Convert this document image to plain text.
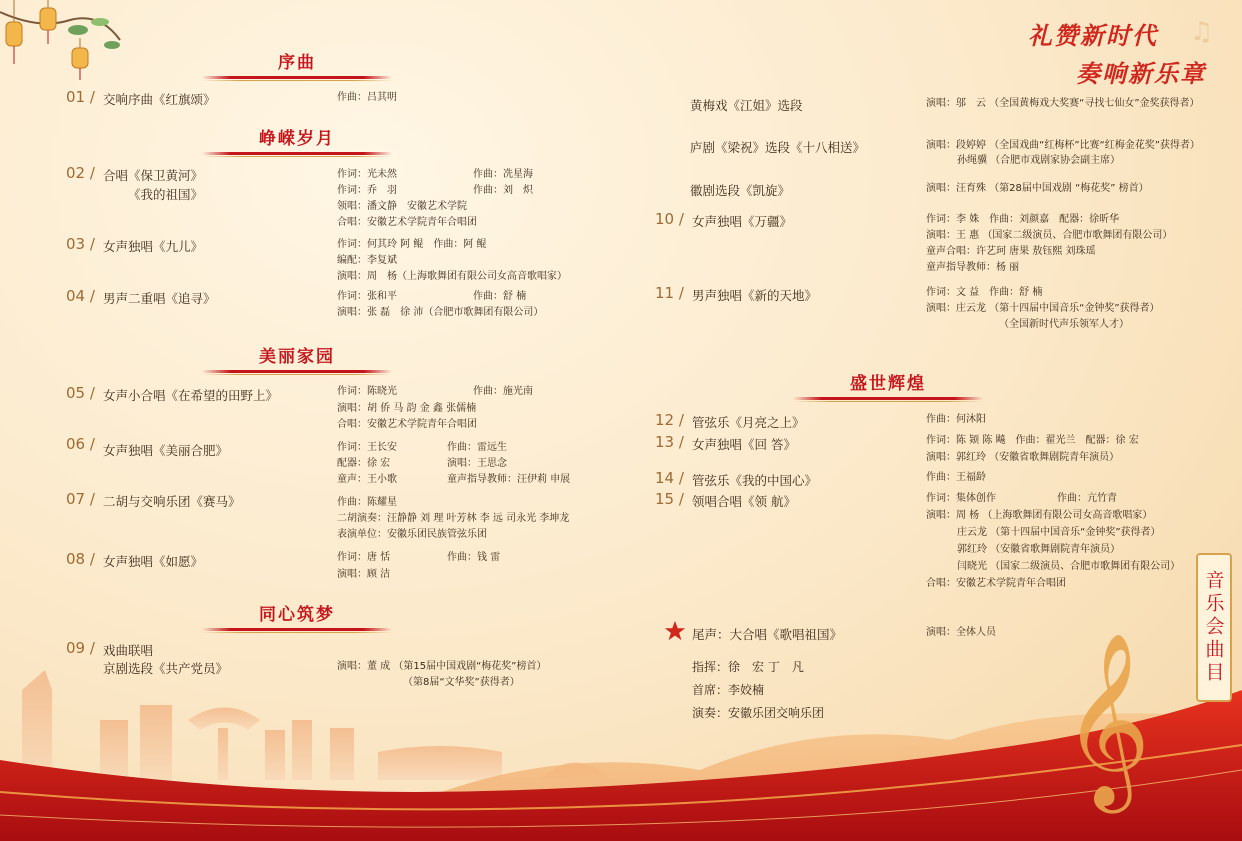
𝄞
♫
礼赞新时代
奏响新乐章
音乐会曲目
序曲
01 / 交响序曲《红旗颂》	作曲：吕其明
峥嵘岁月
02 / 合唱《保卫黄河》
《我的祖国》
作词：光未然	作曲：冼星海
作词：乔　羽	作曲：刘　炽
领唱：潘文静　安徽艺术学院
合唱：安徽艺术学院青年合唱团
03 / 女声独唱《九儿》	作词：何其玲 阿 鲲　作曲：阿 鲲
编配：李复斌
演唱：周　杨（上海歌舞团有限公司女高音歌唱家）
04 / 男声二重唱《追寻》	作词：张和平	作曲：舒 楠
演唱：张 磊　徐 沛（合肥市歌舞团有限公司）
美丽家园
05 / 女声小合唱《在希望的田野上》	作词：陈晓光	作曲：施光南
演唱：胡 侨 马 韵 金 鑫 张儒楠
合唱：安徽艺术学院青年合唱团
06 / 女声独唱《美丽合肥》	作词：王长安	作曲：雷远生
配器：徐 宏	演唱：王思念
童声：王小歌	童声指导教师：汪伊莉 申展
07 / 二胡与交响乐团《赛马》	作曲：陈耀星
二胡演奏：汪静静 刘 理 叶芳林 李 远 司永光 李坤龙
表演单位：安徽乐团民族管弦乐团
08 / 女声独唱《如愿》	作词：唐 恬	作曲：钱 雷
演唱：顾 洁
同心筑梦
09 / 戏曲联唱
京剧选段《共产党员》	演唱：董 成 （第15届中国戏剧“梅花奖”榜首）
（第8届“文华奖”获得者）
黄梅戏《江姐》选段	演唱：邬　云 （全国黄梅戏大奖赛“寻找七仙女”金奖获得者）
庐剧《梁祝》选段《十八相送》	演唱：段婷婷 （全国戏曲“红梅杯”比赛“红梅金花奖”获得者）
孙绳骥 （合肥市戏剧家协会副主席）
徽剧选段《凯旋》	演唱：汪育殊 （第28届中国戏剧 “梅花奖” 榜首）
10 / 女声独唱《万疆》	作词：李 姝　作曲：刘颜嘉　配器：徐昕华
演唱：王 惠 （国家二级演员、合肥市歌舞团有限公司）
童声合唱：许艺珂 唐果 敖钰熙 刘珠瑶
童声指导教师：杨 丽
11 / 男声独唱《新的天地》	作词：文 益　作曲：舒 楠
演唱：庄云龙 （第十四届中国音乐“金钟奖”获得者）
（全国新时代声乐领军人才）
盛世辉煌
12 / 管弦乐《月亮之上》	作曲：何沐阳
13 / 女声独唱《回 答》	作词：陈 颎 陈 飚　作曲：翟光兰　配器：徐 宏
演唱：郭红玲 （安徽省歌舞剧院青年演员）
14 / 管弦乐《我的中国心》	作曲：王福龄
15 / 领唱合唱《领 航》	作词：集体创作	作曲：亢竹青
演唱：周 杨 （上海歌舞团有限公司女高音歌唱家）
庄云龙 （第十四届中国音乐“金钟奖”获得者）
郭红玲 （安徽省歌舞剧院青年演员）
闫晓光 （国家二级演员、合肥市歌舞团有限公司）
合唱：安徽艺术学院青年合唱团
尾声：大合唱《歌唱祖国》	演唱：全体人员
指挥：徐　宏 丁　凡
首席：李姣楠
演奏：安徽乐团交响乐团
